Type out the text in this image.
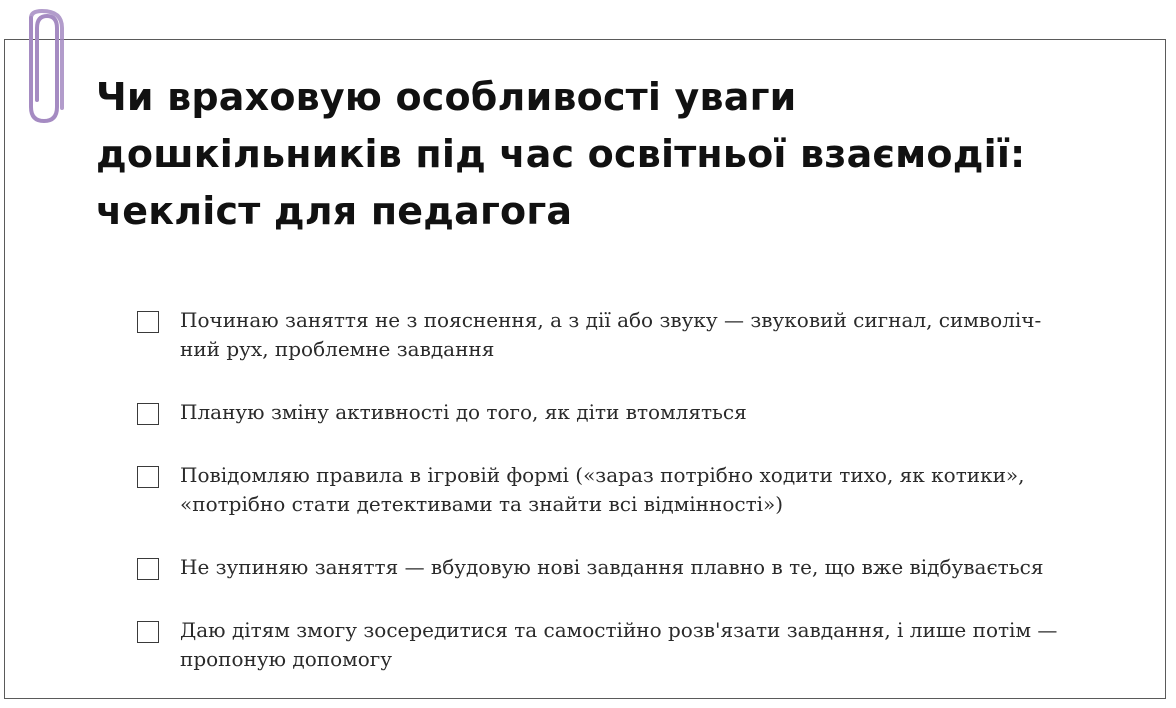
Чи враховую особливості уваги
дошкільників під час освітньої взаємодії:
чекліст для педагога
Починаю заняття не з пояснення, а з дії або звуку — звуковий сигнал, символіч-
ний рух, проблемне завдання
Планую зміну активності до того, як діти втомляться
Повідомляю правила в ігровій формі («зараз потрібно ходити тихо, як котики»,
«потрібно стати детективами та знайти всі відмінності»)
Не зупиняю заняття — вбудовую нові завдання плавно в те, що вже відбувається
Даю дітям змогу зосередитися та самостійно розв'язати завдання, і лише потім —
пропоную допомогу
